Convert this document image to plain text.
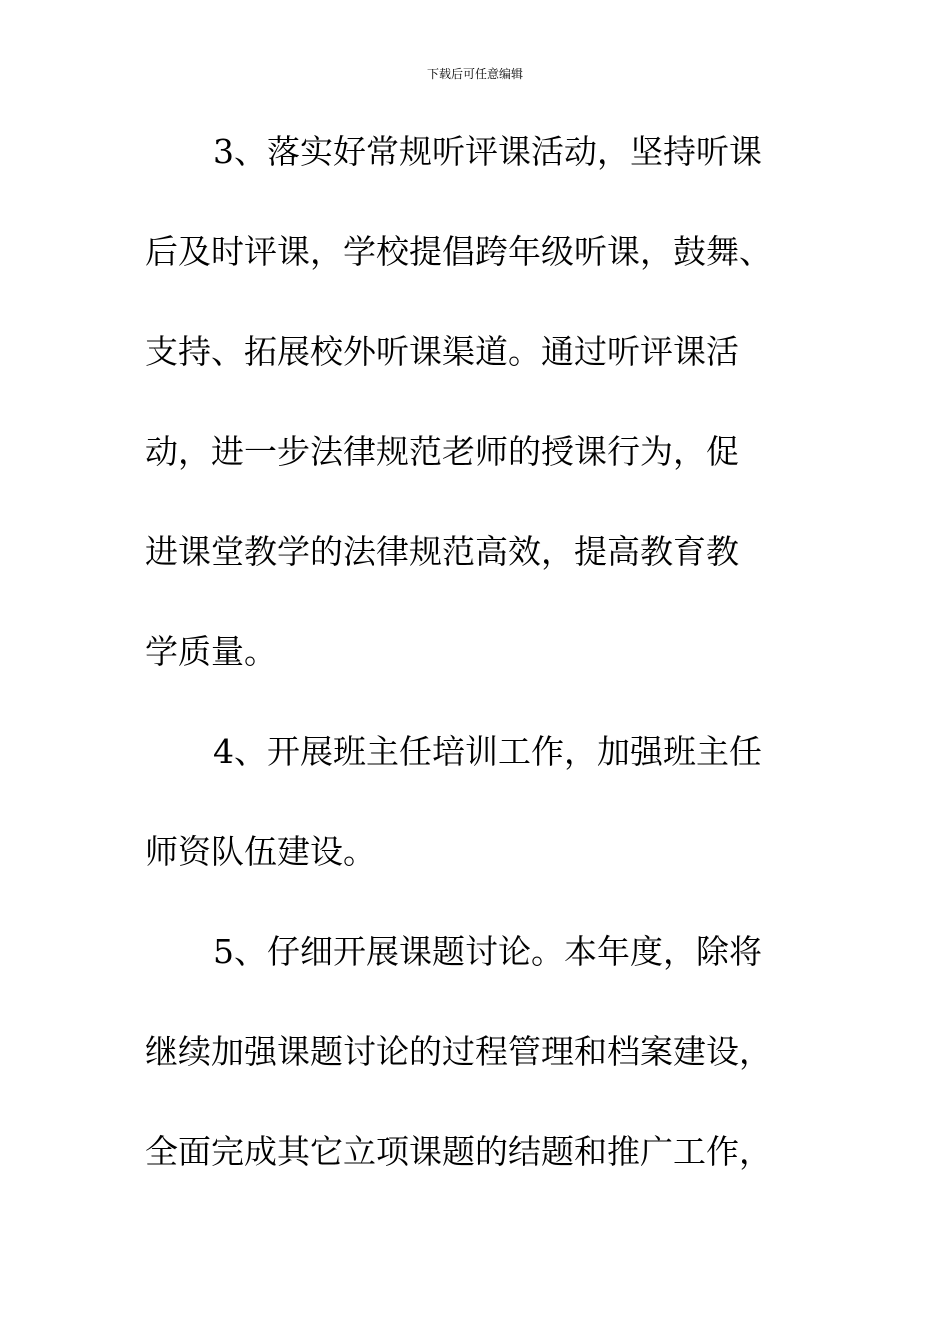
下载后可任意编辑
3、落实好常规听评课活动，坚持听课
后及时评课，学校提倡跨年级听课，鼓舞、
支持、拓展校外听课渠道。通过听评课活
动，进一步法律规范老师的授课行为，促
进课堂教学的法律规范高效，提高教育教
学质量。
4、开展班主任培训工作，加强班主任
师资队伍建设。
5、仔细开展课题讨论。本年度，除将
继续加强课题讨论的过程管理和档案建设，
全面完成其它立项课题的结题和推广工作，
